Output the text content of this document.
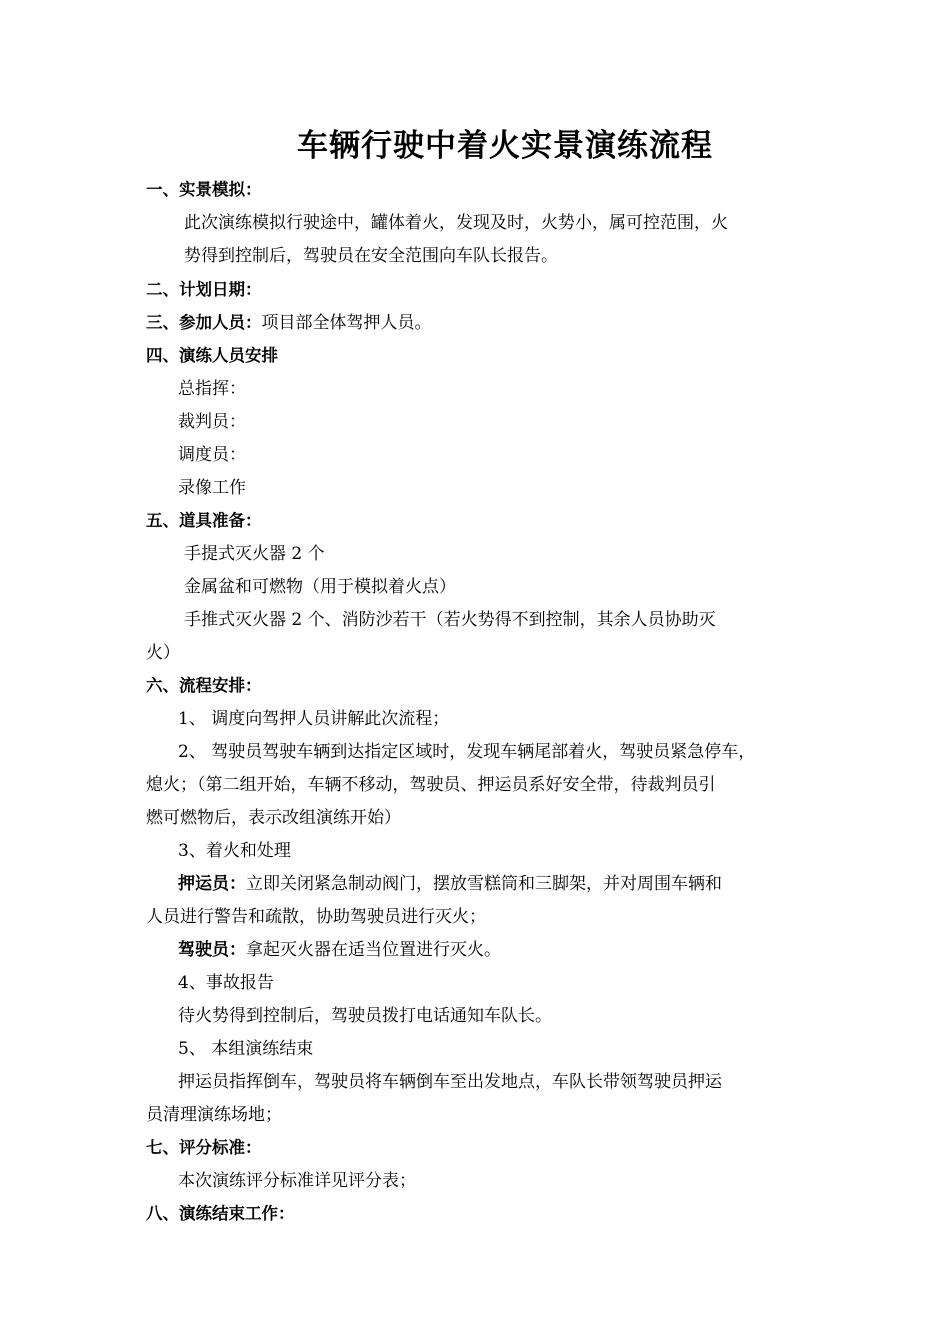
车辆行驶中着火实景演练流程

一、实景模拟：

此次演练模拟行驶途中，罐体着火，发现及时，火势小，属可控范围，火

势得到控制后，驾驶员在安全范围向车队长报告。

二、计划日期：

三、参加人员：项目部全体驾押人员。

四、演练人员安排

总指挥：

裁判员：

调度员：

录像工作

五、道具准备：

手提式灭火器 2 个

金属盆和可燃物（用于模拟着火点）

手推式灭火器 2 个、消防沙若干（若火势得不到控制，其余人员协助灭

火）

六、流程安排：

1、 调度向驾押人员讲解此次流程；

2、 驾驶员驾驶车辆到达指定区域时，发现车辆尾部着火，驾驶员紧急停车，

熄火；（第二组开始，车辆不移动，驾驶员、押运员系好安全带，待裁判员引

燃可燃物后，表示改组演练开始）

3、着火和处理

押运员：立即关闭紧急制动阀门，摆放雪糕筒和三脚架，并对周围车辆和

人员进行警告和疏散，协助驾驶员进行灭火；

驾驶员：拿起灭火器在适当位置进行灭火。

4、事故报告

待火势得到控制后，驾驶员拨打电话通知车队长。

5、 本组演练结束

押运员指挥倒车，驾驶员将车辆倒车至出发地点，车队长带领驾驶员押运

员清理演练场地；

七、评分标准：

本次演练评分标准详见评分表；

八、演练结束工作：
